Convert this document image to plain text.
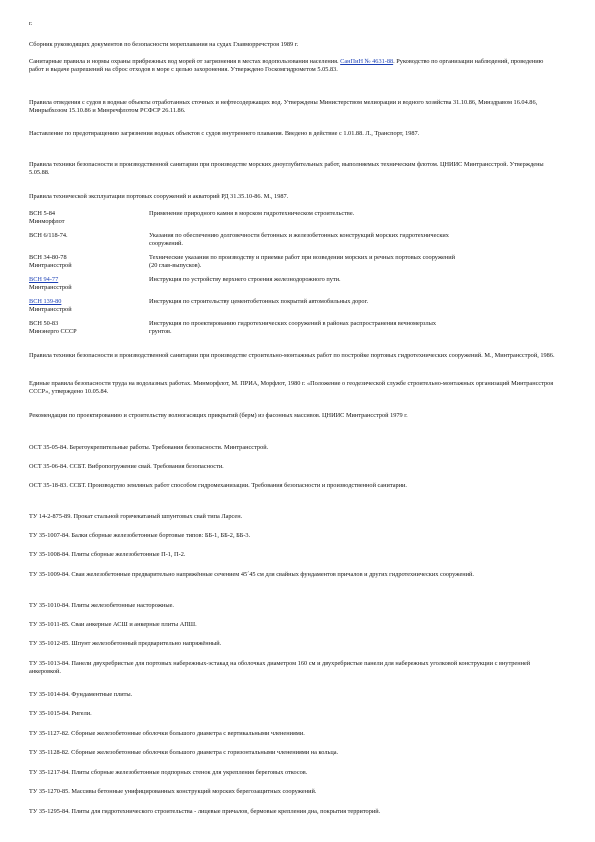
г.

Сборник руководящих документов по безопасности мореплавания на судах Главморречстроя 1989 г.

Санитарные правила и нормы охраны прибрежных вод морей от загрязнения в местах водопользования населения. СанПиН № 4631-88. Руководство по организации наблюдений, проведению работ и выдаче разрешений на сброс отходов в море с целью захоронения. Утверждено Госкомгидрометом 5.05.83.

Правила отведения с судов в водные объекты отработанных сточных и нефтесодержащих вод. Утверждены Министерством мелиорации и водного хозяйства 31.10.86, Минздравом 16.04.86, Минрыбхозом 15.10.86 и Минречфлотом РСФСР 26.11.86.

Наставление по предотвращению загрязнения водных объектов с судов внутреннего плавания. Введено в действие с 1.01.88. Л., Транспорт, 1987.

Правила техники безопасности и производственной санитарии при производстве морских дноуглубительных работ, выполняемых техническим флотом. ЦНИИС Минтрансстрой. Утверждены 5.05.88.

Правила технической эксплуатации портовых сооружений и акваторий РД 31.35.10-86. М., 1987.

ВСН 5-84
Минморфлот	Применение природного камня в морском гидротехническом строительстве.
ВСН 6/118-74.	Указания по обеспечению долговечности бетонных и железобетонных конструкций морских гидротехнических сооружений.
ВСН 34-80-78
Минтрансстрой	Технические указания по производству и приемке работ при возведении морских и речных портовых сооружений (20 глав-выпусков).
ВСН 94-77
Минтрансстрой	Инструкция по устройству верхнего строения железнодорожного пути.
ВСН 139-80
Минтрансстрой	Инструкция по строительству цементобетонных покрытий автомобильных дорог.
ВСН 50-83
Минэнерго СССР	Инструкция по проектированию гидротехнических сооружений в районах распространения вечномерзлых грунтов.

Правила техники безопасности и производственной санитарии при производстве строительно-монтажных работ по постройке портовых гидротехнических сооружений. М., Минтрансстрой, 1986.

Единые правила безопасности труда на водолазных работах. Минморфлот, М. ПРИА, Морфлот, 1980 г. «Положение о геодезической службе строительно-монтажных организаций Минтрансстроя СССР», утверждено 10.05.84.

Рекомендации по проектированию и строительству волногасящих прикрытий (берм) из фасонных массивов. ЦНИИС Минтрансстрой 1979 г.

ОСТ 35-05-84. Берегоукрепительные работы. Требования безопасности. Минтрансстрой.

ОСТ 35-06-84. ССБТ. Вибропогружение свай. Требования безопасности.

ОСТ 35-18-83. ССБТ. Производство земляных работ способом гидромеханизации. Требования безопасности и производственной санитарии.

ТУ 14-2-875-89. Прокат стальной горячекатаный шпунтовых свай типа Ларсен.

ТУ 35-1007-84. Балки сборные железобетонные бортовые типов: ББ-1, ББ-2, ББ-3.

ТУ 35-1008-84. Плиты сборные железобетонные П-1, П-2.

ТУ 35-1009-84. Сваи железобетонные предварительно напряжённые сечением 45´45 см для свайных фундаментов причалов и других гидротехнических сооружений.

ТУ 35-1010-84. Плиты железобетонные насторожные.

ТУ 35-1011-85. Сваи анкерные АСШ и анкерные плиты АПШ.

ТУ 35-1012-85. Шпунт железобетонный предварительно напряжённый.

ТУ 35-1013-84. Панели двухребристые для портовых набережных-эстакад на оболочках диаметром 160 см и двухребристые панели для набережных уголковой конструкции с внутренней анкеровкой.

ТУ 35-1014-84. Фундаментные плиты.

ТУ 35-1015-84. Ригели.

ТУ 35-1127-82. Сборные железобетонные оболочки большого диаметра с вертикальными членениями.

ТУ 35-1128-82. Сборные железобетонные оболочки большого диаметра с горизонтальными членениями на кольца.

ТУ 35-1217-84. Плиты сборные железобетонные подпорных стенок для укрепления береговых откосов.

ТУ 35-1270-85. Массивы бетонные унифицированных конструкций морских берегозащитных сооружений.

ТУ 35-1295-84. Плиты для гидротехнического строительства - лицевые причалов, бермовые крепления дна, покрытия территорий.
